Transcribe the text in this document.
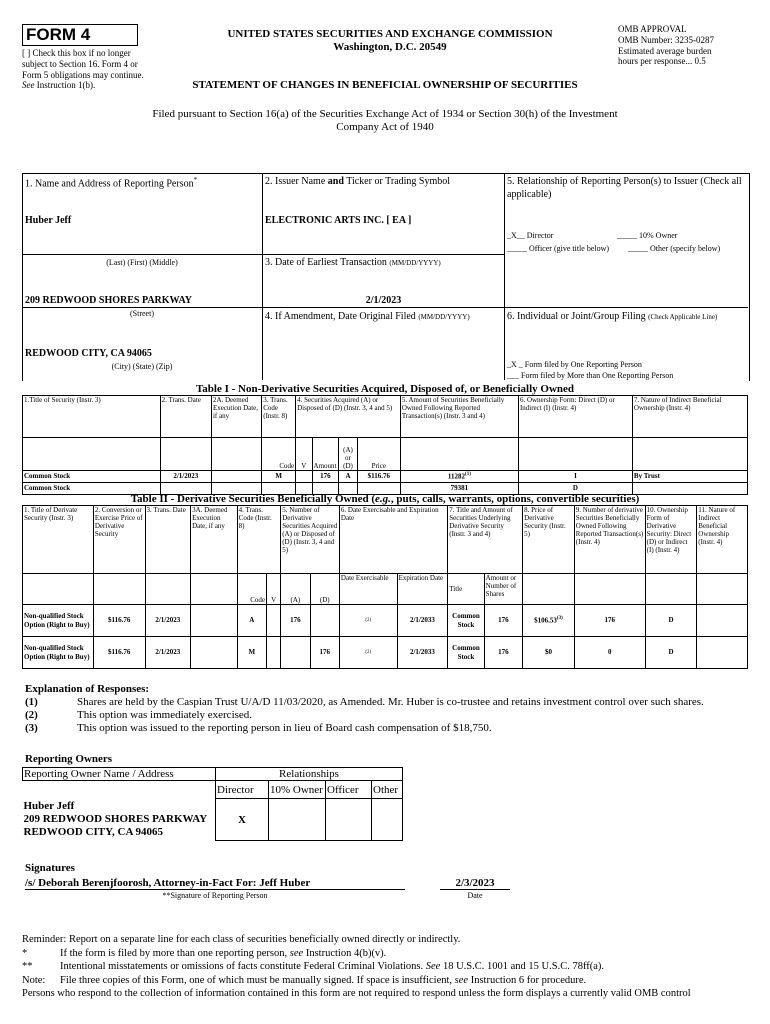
FORM 4
[ ] Check this box if no longer subject to Section 16. Form 4 or Form 5 obligations may continue. See Instruction 1(b).
UNITED STATES SECURITIES AND EXCHANGE COMMISSION
Washington, D.C. 20549
STATEMENT OF CHANGES IN BENEFICIAL OWNERSHIP OF SECURITIES
OMB APPROVAL
OMB Number: 3235-0287
Estimated average burden
hours per response... 0.5
Filed pursuant to Section 16(a) of the Securities Exchange Act of 1934 or Section 30(h) of the Investment Company Act of 1940
1. Name and Address of Reporting Person*
Huber Jeff
(Last) (First) (Middle)
209 REDWOOD SHORES PARKWAY
(Street)
REDWOOD CITY, CA 94065
(City) (State) (Zip)
2. Issuer Name and Ticker or Trading Symbol
ELECTRONIC ARTS INC. [ EA ]
3. Date of Earliest Transaction (MM/DD/YYYY)
2/1/2023
4. If Amendment, Date Original Filed (MM/DD/YYYY)
5. Relationship of Reporting Person(s) to Issuer (Check all applicable)
_X__ Director	_____ 10% Owner
_____ Officer (give title below) _____ Other (specify below)
6. Individual or Joint/Group Filing (Check Applicable Line)
_X _ Form filed by One Reporting Person
___ Form filed by More than One Reporting Person
Table I - Non-Derivative Securities Acquired, Disposed of, or Beneficially Owned
1.Title of Security (Instr. 3)	2. Trans. Date	2A. Deemed Execution Date, if any	3. Trans. Code (Instr. 8)	4. Securities Acquired (A) or Disposed of (D) (Instr. 3, 4 and 5)				5. Amount of Securities Beneficially Owned Following Reported Transaction(s) (Instr. 3 and 4)	6. Ownership Form: Direct (D) or Indirect (I) (Instr. 4)	7. Nature of Indirect Beneficial Ownership (Instr. 4)
			Code	V	Amount	(A) or (D)	Price			
Common Stock	2/1/2023		M		176	A	$116.76	11282$^{(1)}$	I	By Trust
Common Stock								79381	D	
Table II - Derivative Securities Beneficially Owned (e.g., puts, calls, warrants, options, convertible securities)
1. Title of Derivate Security (Instr. 3)	2. Conversion or Exercise Price of Derivative Security	3. Trans. Date	3A. Deemed Execution Date, if any	4. Trans. Code (Instr. 8)		5. Number of Derivative Securities Acquired (A) or Disposed of (D) (Instr. 3, 4 and 5)		6. Date Exercisable and Expiration Date		7. Title and Amount of Securities Underlying Derivative Security (Instr. 3 and 4)		8. Price of Derivative Security (Instr. 5)	9. Number of derivative Securities Beneficially Owned Following Reported Transaction(s) (Instr. 4)	10. Ownership Form of Derivative Security: Direct (D) or Indirect (I) (Instr. 4)	11. Nature of Indirect Beneficial Ownership (Instr. 4)
				Code	V	(A)	(D)	Date Exercisable	Expiration Date	Title	Amount or Number of Shares				
Non-qualified Stock Option (Right to Buy)	$116.76	2/1/2023		A		176		(2)	2/1/2033	Common Stock	176	$106.53$^{(3)}$	176	D	
Non-qualified Stock Option (Right to Buy)	$116.76	2/1/2023		M			176	(2)	2/1/2033	Common Stock	176	$0	0	D	
Explanation of Responses:
(1)	Shares are held by the Caspian Trust U/A/D 11/03/2020, as Amended. Mr. Huber is co-trustee and retains investment control over such shares.
(2)	This option was immediately exercised.
(3)	This option was issued to the reporting person in lieu of Board cash compensation of $18,750.
Reporting Owners
Reporting Owner Name / Address	Relationships			
	Director	10% Owner	Officer	Other

Huber Jeff
209 REDWOOD SHORES PARKWAY
REDWOOD CITY, CA 94065	X			
Signatures
/s/ Deborah Berenjfoorosh, Attorney-in-Fact For: Jeff Huber
**Signature of Reporting Person
2/3/2023
Date
Reminder: Report on a separate line for each class of securities beneficially owned directly or indirectly.
*	If the form is filed by more than one reporting person, see Instruction 4(b)(v).
**	Intentional misstatements or omissions of facts constitute Federal Criminal Violations. See 18 U.S.C. 1001 and 15 U.S.C. 78ff(a).
Note: File three copies of this Form, one of which must be manually signed. If space is insufficient, see Instruction 6 for procedure.
Persons who respond to the collection of information contained in this form are not required to respond unless the form displays a currently valid OMB control
